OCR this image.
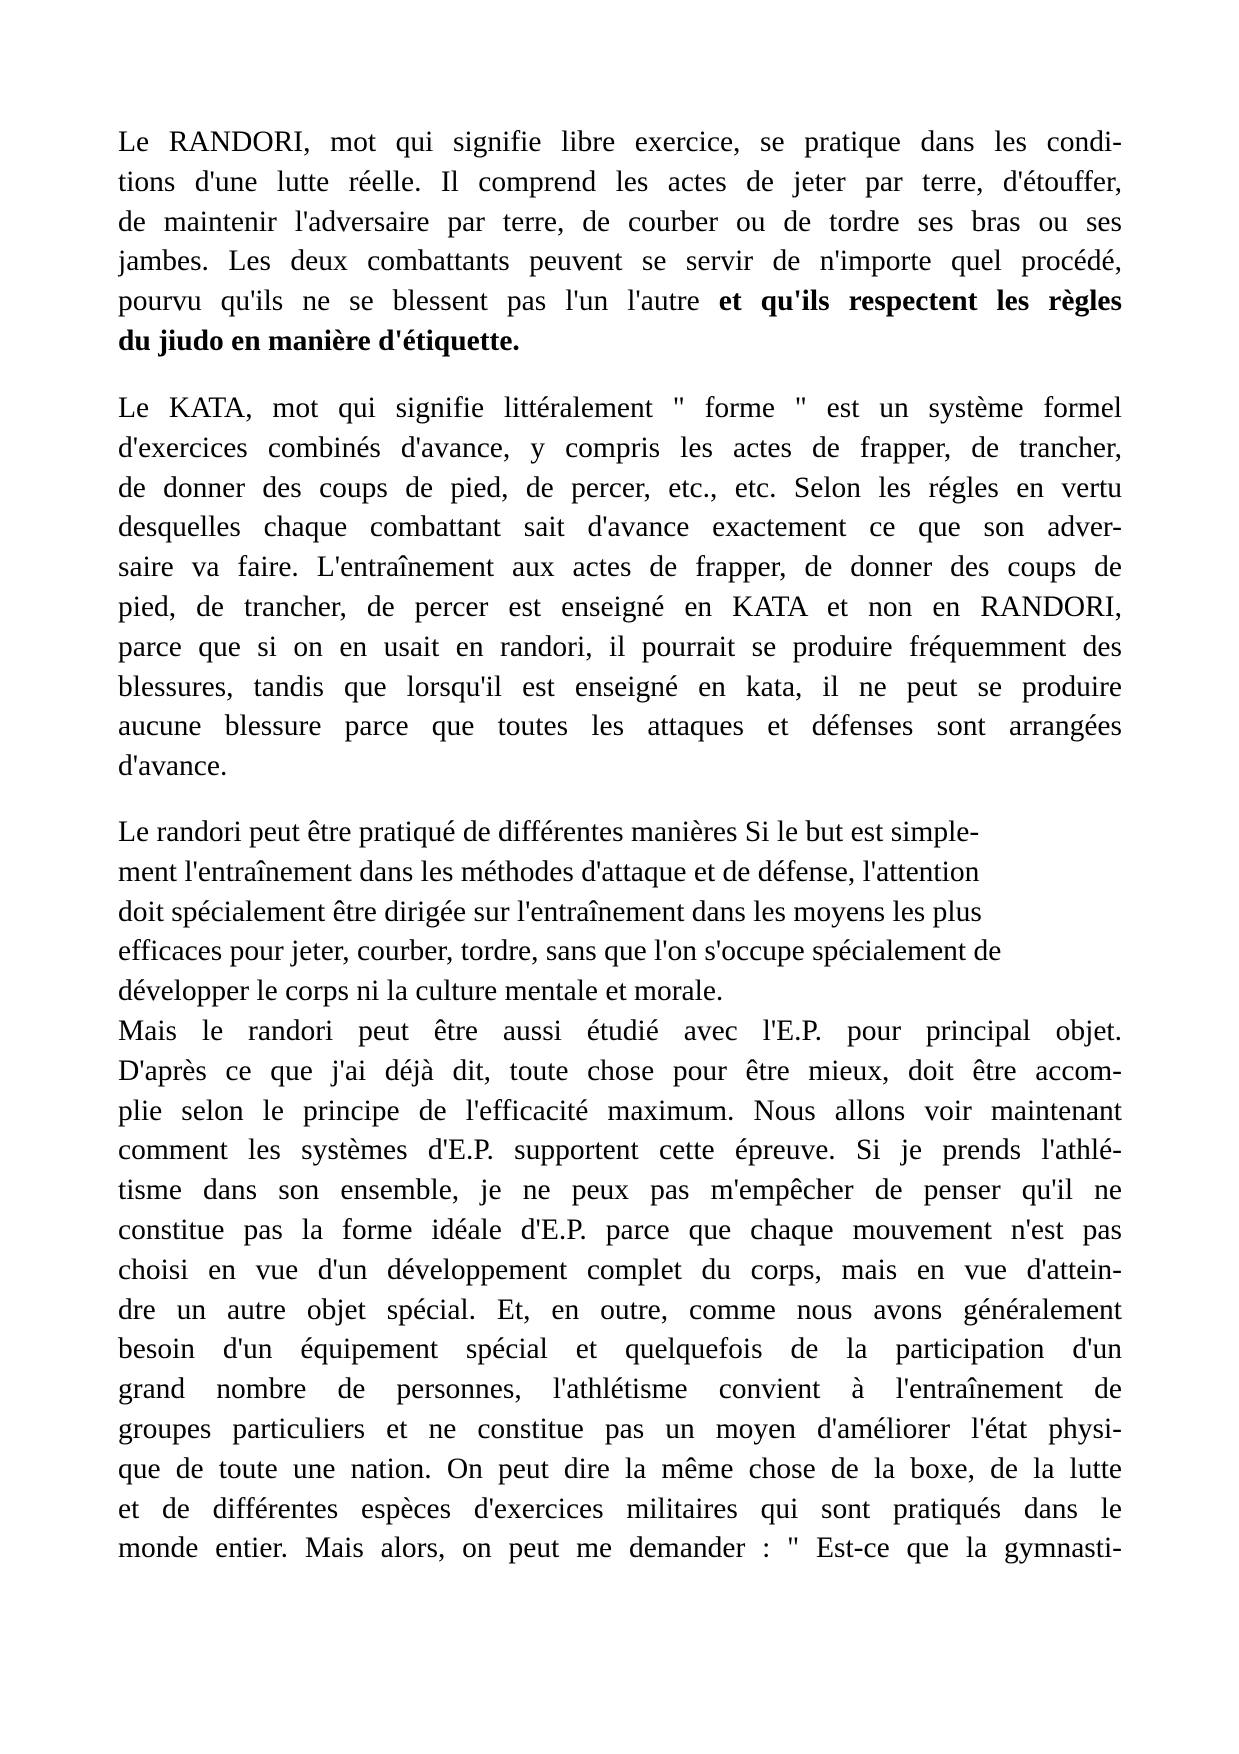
Le RANDORI, mot qui signifie libre exercice, se pratique dans les condi-
tions d'une lutte réelle. Il comprend les actes de jeter par terre, d'étouffer,
de maintenir l'adversaire par terre, de courber ou de tordre ses bras ou ses
jambes. Les deux combattants peuvent se servir de n'importe quel procédé,
pourvu qu'ils ne se blessent pas l'un l'autre et qu'ils respectent les règles
du jiudo en manière d'étiquette.
Le KATA, mot qui signifie littéralement " forme " est un système formel
d'exercices combinés d'avance, y compris les actes de frapper, de trancher,
de donner des coups de pied, de percer, etc., etc. Selon les régles en vertu
desquelles chaque combattant sait d'avance exactement ce que son adver-
saire va faire. L'entraînement aux actes de frapper, de donner des coups de
pied, de trancher, de percer est enseigné en KATA et non en RANDORI,
parce que si on en usait en randori, il pourrait se produire fréquemment des
blessures, tandis que lorsqu'il est enseigné en kata, il ne peut se produire
aucune blessure parce que toutes les attaques et défenses sont arrangées
d'avance.
Le randori peut être pratiqué de différentes manières Si le but est simple-
ment l'entraînement dans les méthodes d'attaque et de défense, l'attention
doit spécialement être dirigée sur l'entraînement dans les moyens les plus
efficaces pour jeter, courber, tordre, sans que l'on s'occupe spécialement de
développer le corps ni la culture mentale et morale.
Mais le randori peut être aussi étudié avec l'E.P. pour principal objet.
D'après ce que j'ai déjà dit, toute chose pour être mieux, doit être accom-
plie selon le principe de l'efficacité maximum. Nous allons voir maintenant
comment les systèmes d'E.P. supportent cette épreuve. Si je prends l'athlé-
tisme dans son ensemble, je ne peux pas m'empêcher de penser qu'il ne
constitue pas la forme idéale d'E.P. parce que chaque mouvement n'est pas
choisi en vue d'un développement complet du corps, mais en vue d'attein-
dre un autre objet spécial. Et, en outre, comme nous avons généralement
besoin d'un équipement spécial et quelquefois de la participation d'un
grand nombre de personnes, l'athlétisme convient à l'entraînement de
groupes particuliers et ne constitue pas un moyen d'améliorer l'état physi-
que de toute une nation. On peut dire la même chose de la boxe, de la lutte
et de différentes espèces d'exercices militaires qui sont pratiqués dans le
monde entier. Mais alors, on peut me demander : " Est-ce que la gymnasti-
